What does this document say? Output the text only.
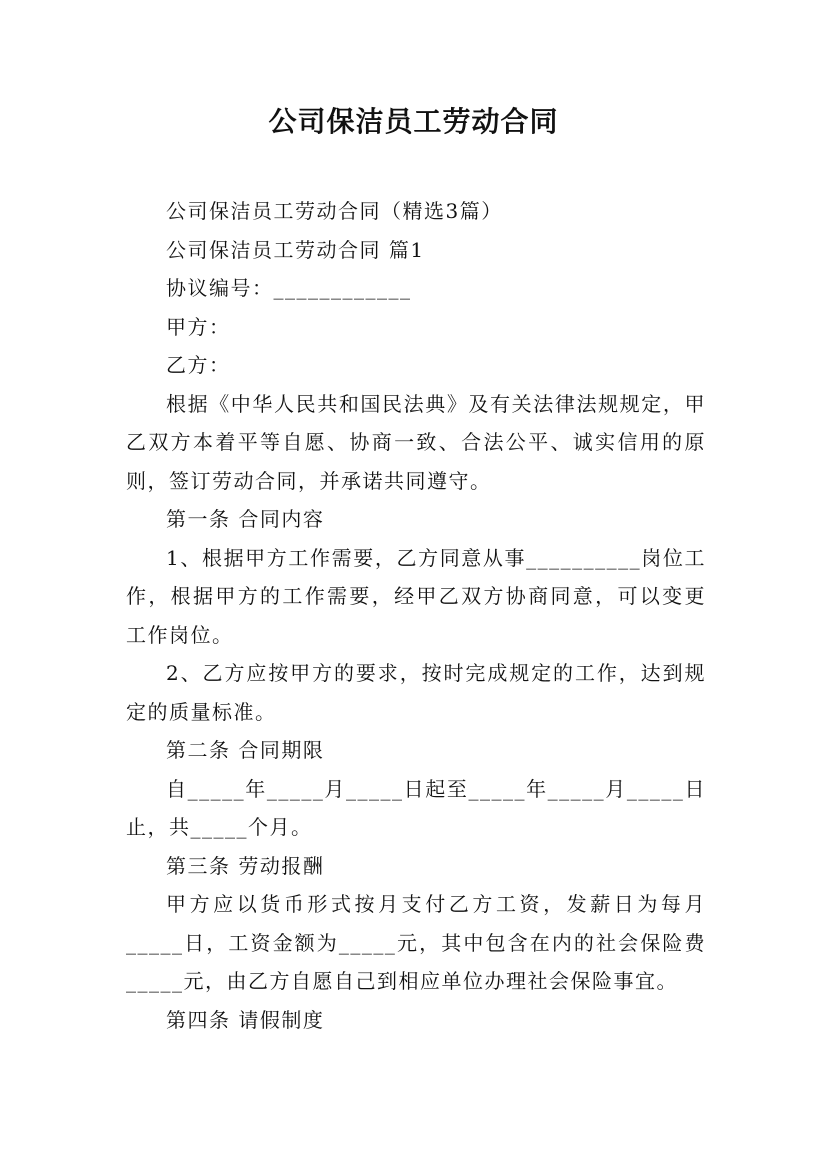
公司保洁员工劳动合同

公司保洁员工劳动合同（精选3篇）

公司保洁员工劳动合同 篇1

协议编号：____________

甲方：

乙方：

根据《中华人民共和国民法典》及有关法律法规规定，甲乙双方本着平等自愿、协商一致、合法公平、诚实信用的原则，签订劳动合同，并承诺共同遵守。

第一条 合同内容

1、根据甲方工作需要，乙方同意从事__________岗位工作，根据甲方的工作需要，经甲乙双方协商同意，可以变更工作岗位。

2、乙方应按甲方的要求，按时完成规定的工作，达到规定的质量标准。

第二条 合同期限

自_____年_____月_____日起至_____年_____月_____日止，共_____个月。

第三条 劳动报酬

甲方应以货币形式按月支付乙方工资，发薪日为每月_____日，工资金额为_____元，其中包含在内的社会保险费_____元，由乙方自愿自己到相应单位办理社会保险事宜。

第四条 请假制度
